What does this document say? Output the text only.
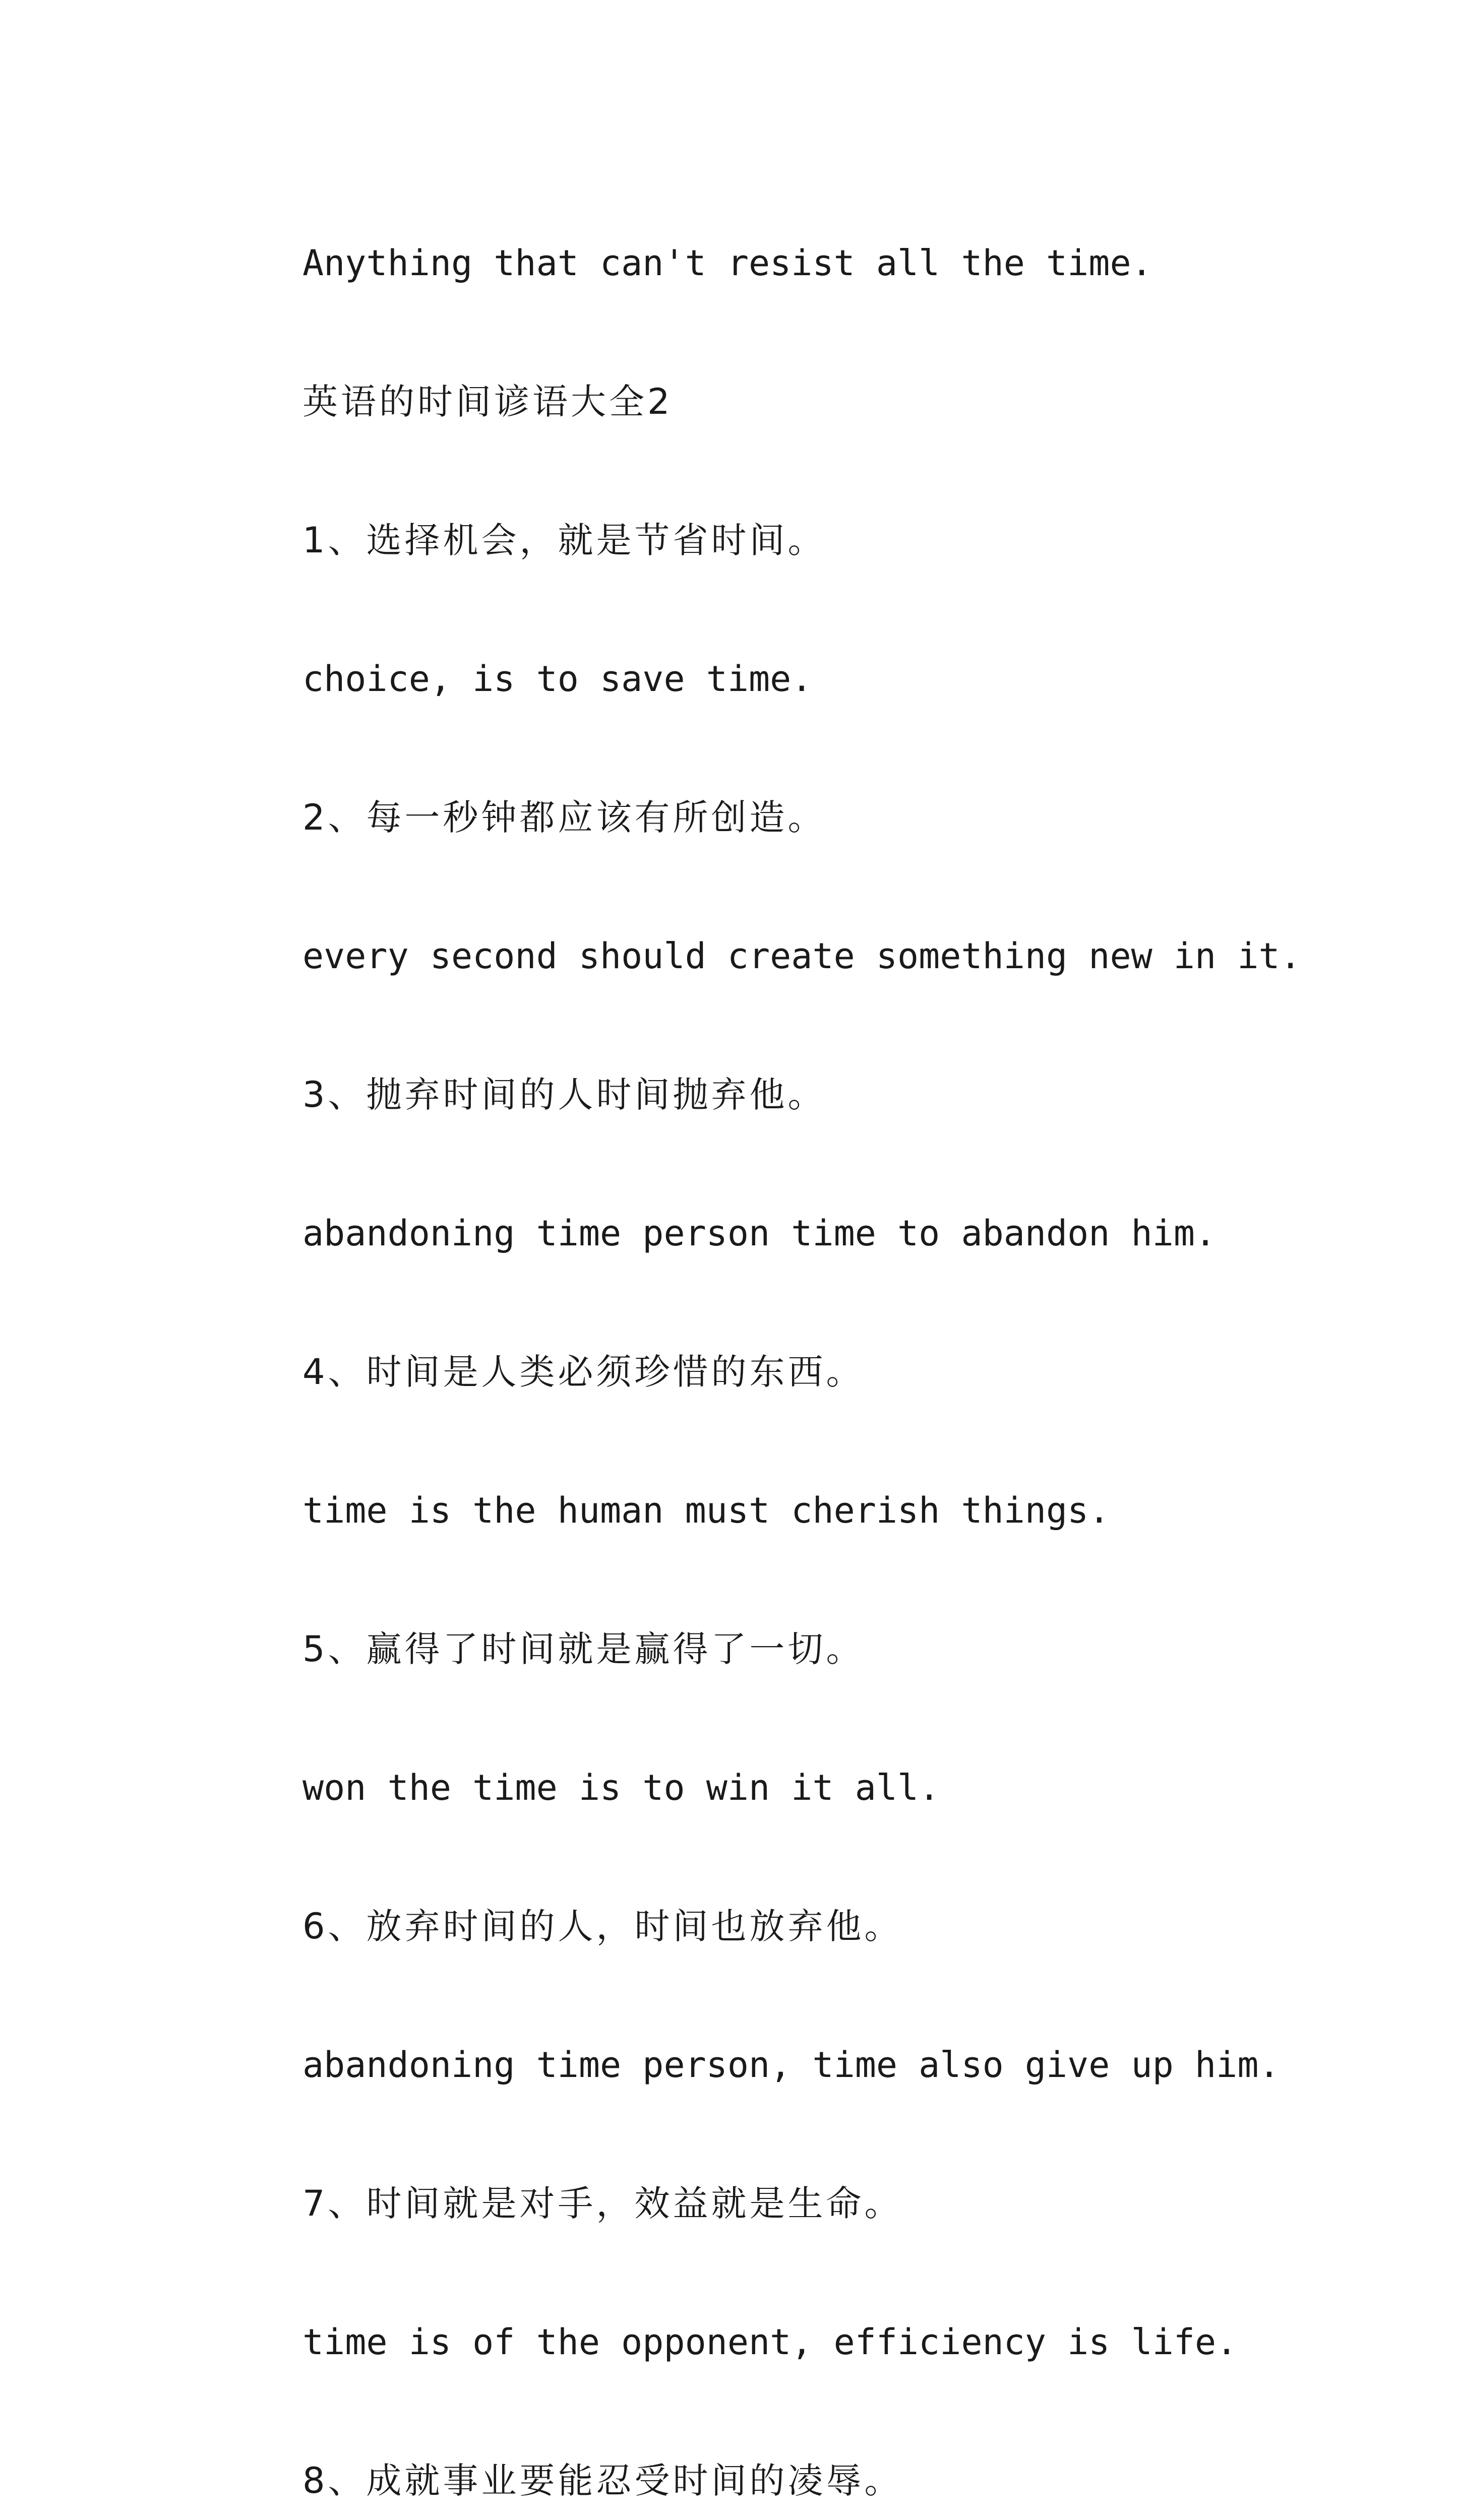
Anything that can't resist all the time.

英语的时间谚语大全2

1、选择机会，就是节省时间。

choice, is to save time.

2、每一秒钟都应该有所创造。

every second should create something new in it.

3、抛弃时间的人时间抛弃他。

abandoning time person time to abandon him.

4、时间是人类必须珍惜的东西。

time is the human must cherish things.

5、赢得了时间就是赢得了一切。

won the time is to win it all.

6、放弃时间的人，时间也放弃他。

abandoning time person, time also give up him.

7、时间就是对手，效益就是生命。

time is of the opponent, efficiency is life.

8、成就事业要能忍受时间的凌辱。
